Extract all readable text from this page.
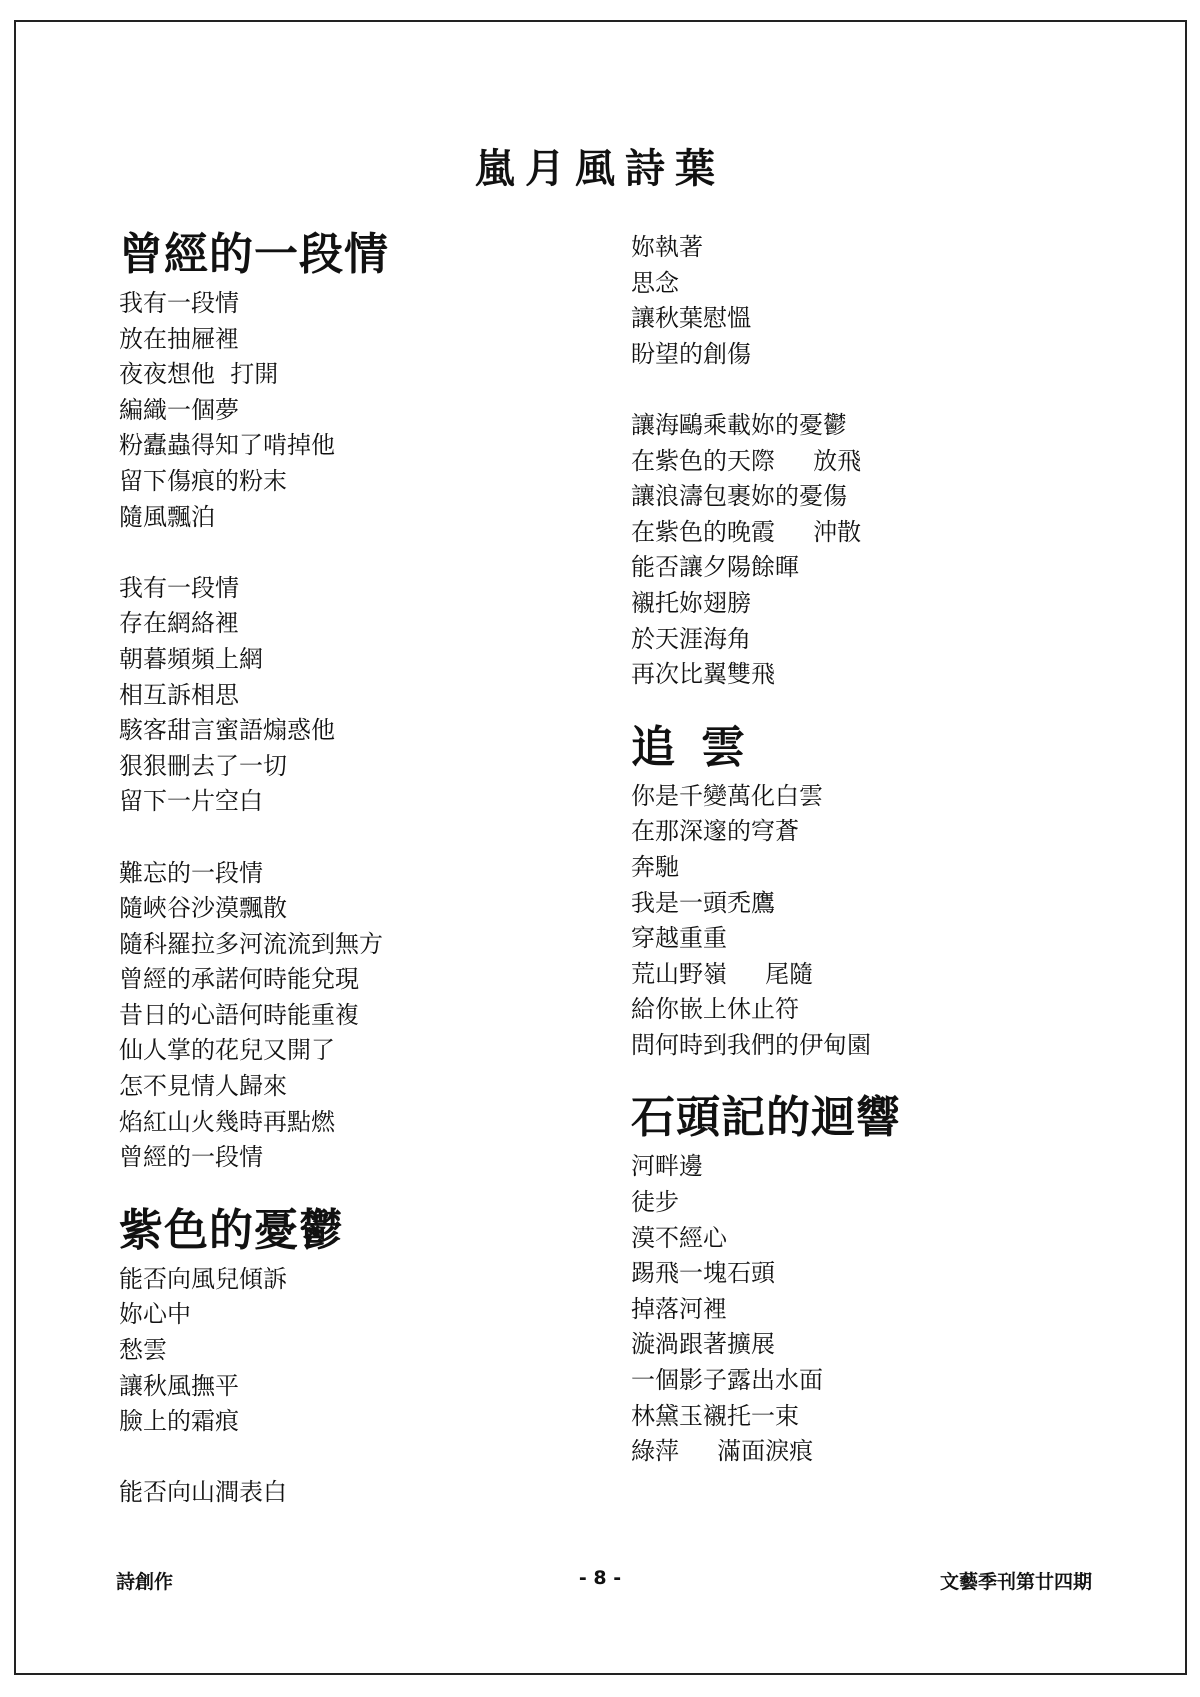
嵐月風詩葉
曾經的一段情
我有一段情
放在抽屜裡
夜夜想他  打開
編織一個夢
粉蠹蟲得知了啃掉他
留下傷痕的粉末
隨風飄泊
我有一段情
存在網絡裡
朝暮頻頻上網
相互訴相思
駭客甜言蜜語煽惑他
狠狠刪去了一切
留下一片空白
難忘的一段情
隨峽谷沙漠飄散
隨科羅拉多河流流到無方
曾經的承諾何時能兌現
昔日的心語何時能重複
仙人掌的花兒又開了
怎不見情人歸來
焰紅山火幾時再點燃
曾經的一段情
紫色的憂鬱
能否向風兒傾訴
妳心中
愁雲
讓秋風撫平
臉上的霜痕
能否向山澗表白
妳執著
思念
讓秋葉慰慍
盼望的創傷
讓海鷗乘載妳的憂鬱
在紫色的天際     放飛
讓浪濤包裹妳的憂傷
在紫色的晚霞     沖散
能否讓夕陽餘暉
襯托妳翅膀
於天涯海角
再次比翼雙飛
追雲
你是千變萬化白雲
在那深邃的穹蒼
奔馳
我是一頭禿鷹
穿越重重
荒山野嶺     尾隨
給你嵌上休止符
問何時到我們的伊甸園
石頭記的迴響
河畔邊
徒步
漠不經心
踢飛一塊石頭
掉落河裡
漩渦跟著擴展
一個影子露出水面
林黛玉襯托一束
綠萍     滿面淚痕
詩創作	- 8 -	文藝季刊第廿四期
